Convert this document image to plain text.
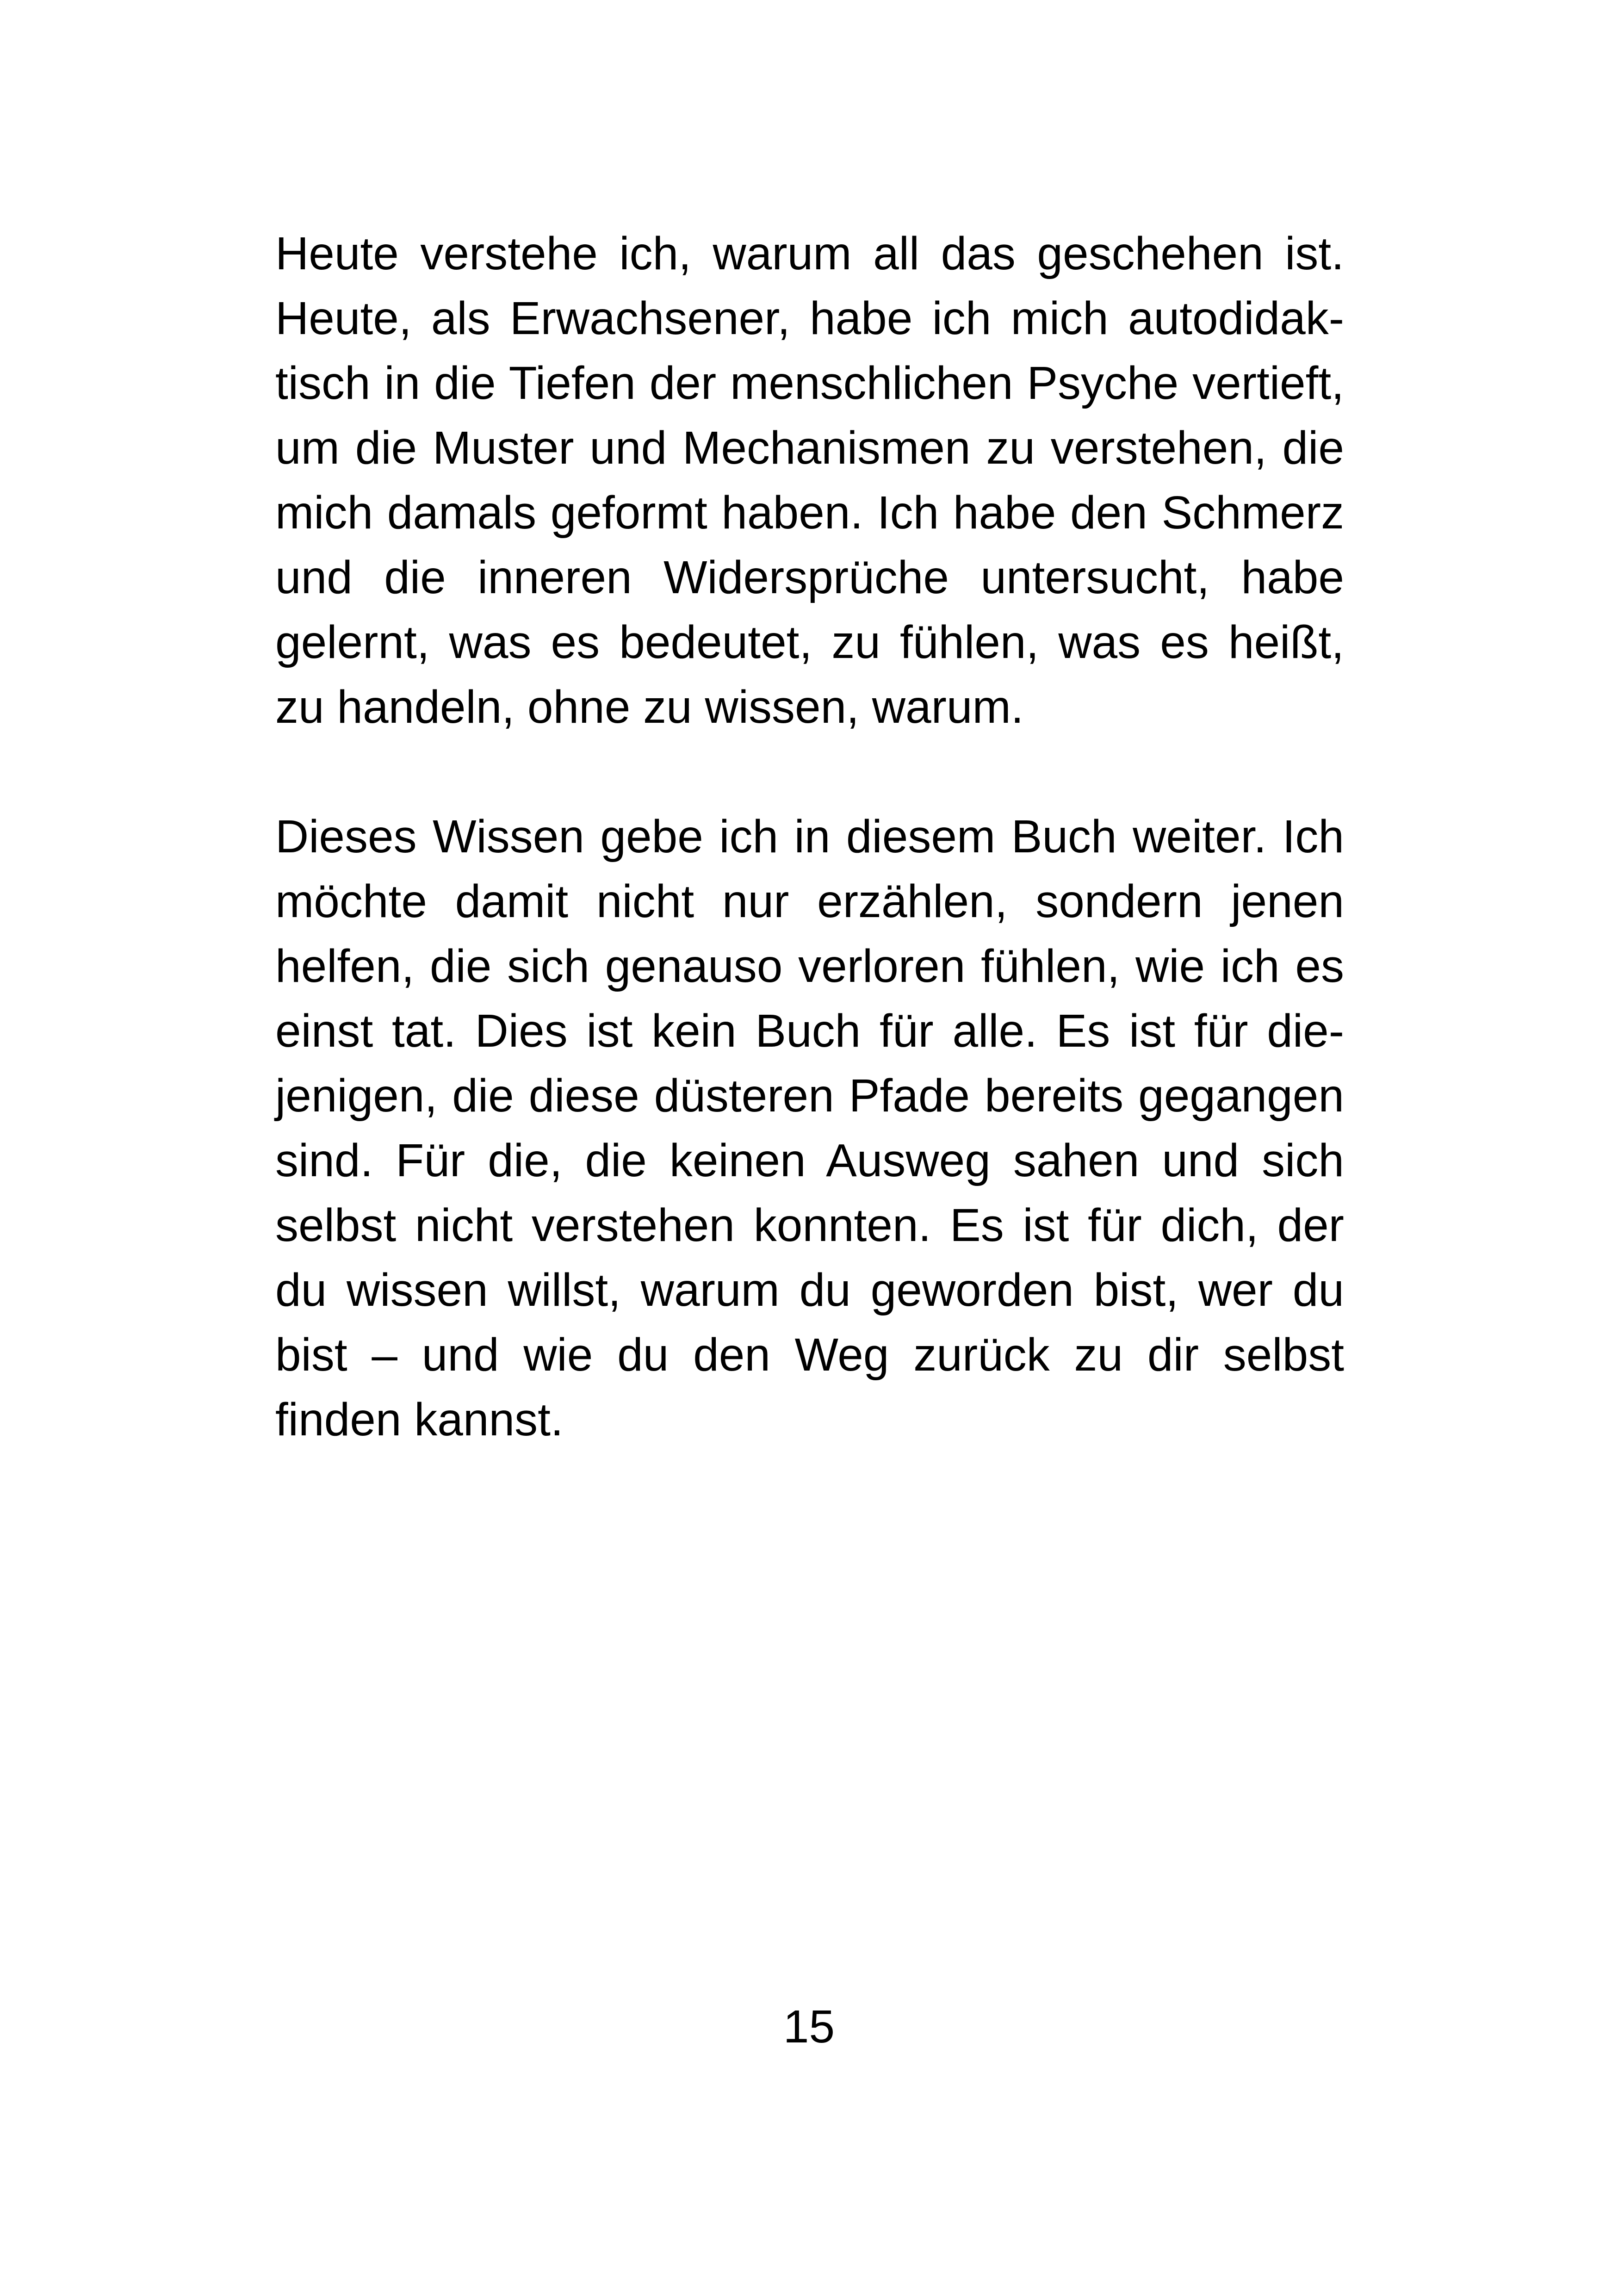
Heute verstehe ich, warum all das geschehen ist.
Heute, als Erwachsener, habe ich mich autodidak-
tisch in die Tiefen der menschlichen Psyche vertieft,
um die Muster und Mechanismen zu verstehen, die
mich damals geformt haben. Ich habe den Schmerz
und die inneren Widersprüche untersucht, habe
gelernt, was es bedeutet, zu fühlen, was es heißt,
zu handeln, ohne zu wissen, warum.
Dieses Wissen gebe ich in diesem Buch weiter. Ich
möchte damit nicht nur erzählen, sondern jenen
helfen, die sich genauso verloren fühlen, wie ich es
einst tat. Dies ist kein Buch für alle. Es ist für die-
jenigen, die diese düsteren Pfade bereits gegangen
sind. Für die, die keinen Ausweg sahen und sich
selbst nicht verstehen konnten. Es ist für dich, der
du wissen willst, warum du geworden bist, wer du
bist – und wie du den Weg zurück zu dir selbst
finden kannst.
15
